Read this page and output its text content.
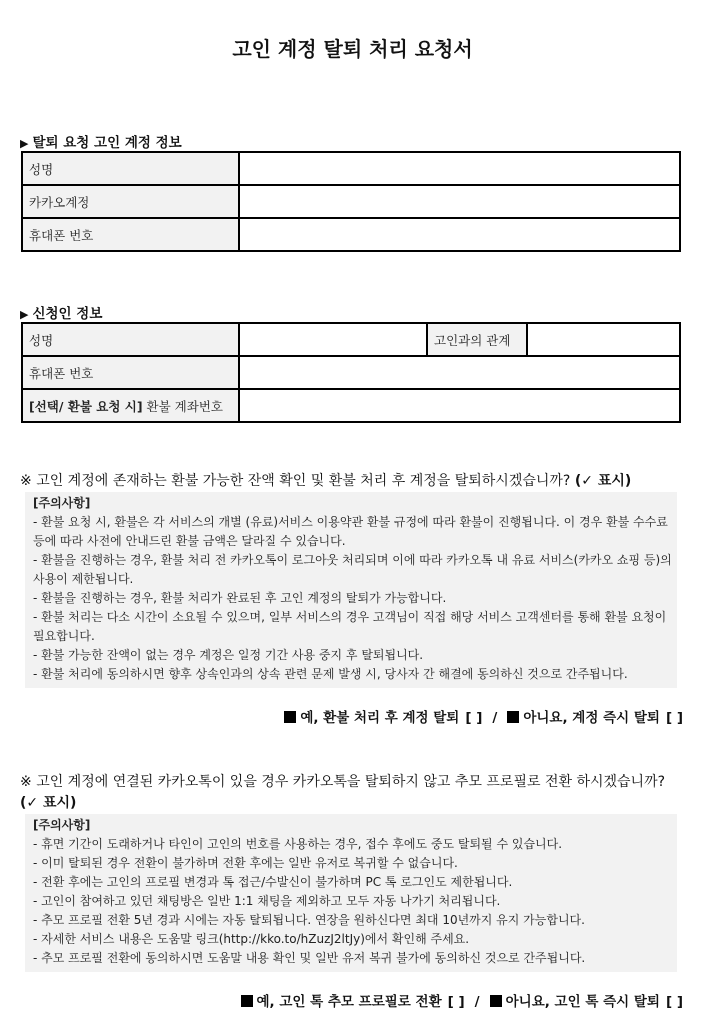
고인 계정 탈퇴 처리 요청서
▶ 탈퇴 요청 고인 계정 정보
성명	
카카오계정	
휴대폰 번호	
▶ 신청인 정보
성명		고인과의 관계	
휴대폰 번호			
[선택/ 환불 요청 시] 환불 계좌번호			
※ 고인 계정에 존재하는 환불 가능한 잔액 확인 및 환불 처리 후 계정을 탈퇴하시겠습니까? (✓ 표시)
[주의사항]
- 환불 요청 시, 환불은 각 서비스의 개별 (유료)서비스 이용약관 환불 규정에 따라 환불이 진행됩니다. 이 경우 환불 수수료 등에 따라 사전에 안내드린 환불 금액은 달라질 수 있습니다.
- 환불을 진행하는 경우, 환불 처리 전 카카오톡이 로그아웃 처리되며 이에 따라 카카오톡 내 유료 서비스(카카오 쇼핑 등)의 사용이 제한됩니다.
- 환불을 진행하는 경우, 환불 처리가 완료된 후 고인 계정의 탈퇴가 가능합니다.
- 환불 처리는 다소 시간이 소요될 수 있으며, 일부 서비스의 경우 고객님이 직접 해당 서비스 고객센터를 통해 환불 요청이 필요합니다.
- 환불 가능한 잔액이 없는 경우 계정은 일정 기간 사용 중지 후 탈퇴됩니다.
- 환불 처리에 동의하시면 향후 상속인과의 상속 관련 문제 발생 시, 당사자 간 해결에 동의하신 것으로 간주됩니다.
예, 환불 처리 후 계정 탈퇴 [ ] / 아니요, 계정 즉시 탈퇴 [ ]
※ 고인 계정에 연결된 카카오톡이 있을 경우 카카오톡을 탈퇴하지 않고 추모 프로필로 전환 하시겠습니까?
(✓ 표시)
[주의사항]
- 휴면 기간이 도래하거나 타인이 고인의 번호를 사용하는 경우, 접수 후에도 중도 탈퇴될 수 있습니다.
- 이미 탈퇴된 경우 전환이 불가하며 전환 후에는 일반 유저로 복귀할 수 없습니다.
- 전환 후에는 고인의 프로필 변경과 톡 접근/수발신이 불가하며 PC 톡 로그인도 제한됩니다.
- 고인이 참여하고 있던 채팅방은 일반 1:1 채팅을 제외하고 모두 자동 나가기 처리됩니다.
- 추모 프로필 전환 5년 경과 시에는 자동 탈퇴됩니다. 연장을 원하신다면 최대 10년까지 유지 가능합니다.
- 자세한 서비스 내용은 도움말 링크(http://kko.to/hZuzJ2ltJy)에서 확인해 주세요.
- 추모 프로필 전환에 동의하시면 도움말 내용 확인 및 일반 유저 복귀 불가에 동의하신 것으로 간주됩니다.
예, 고인 톡 추모 프로필로 전환 [ ] / 아니요, 고인 톡 즉시 탈퇴 [ ]
